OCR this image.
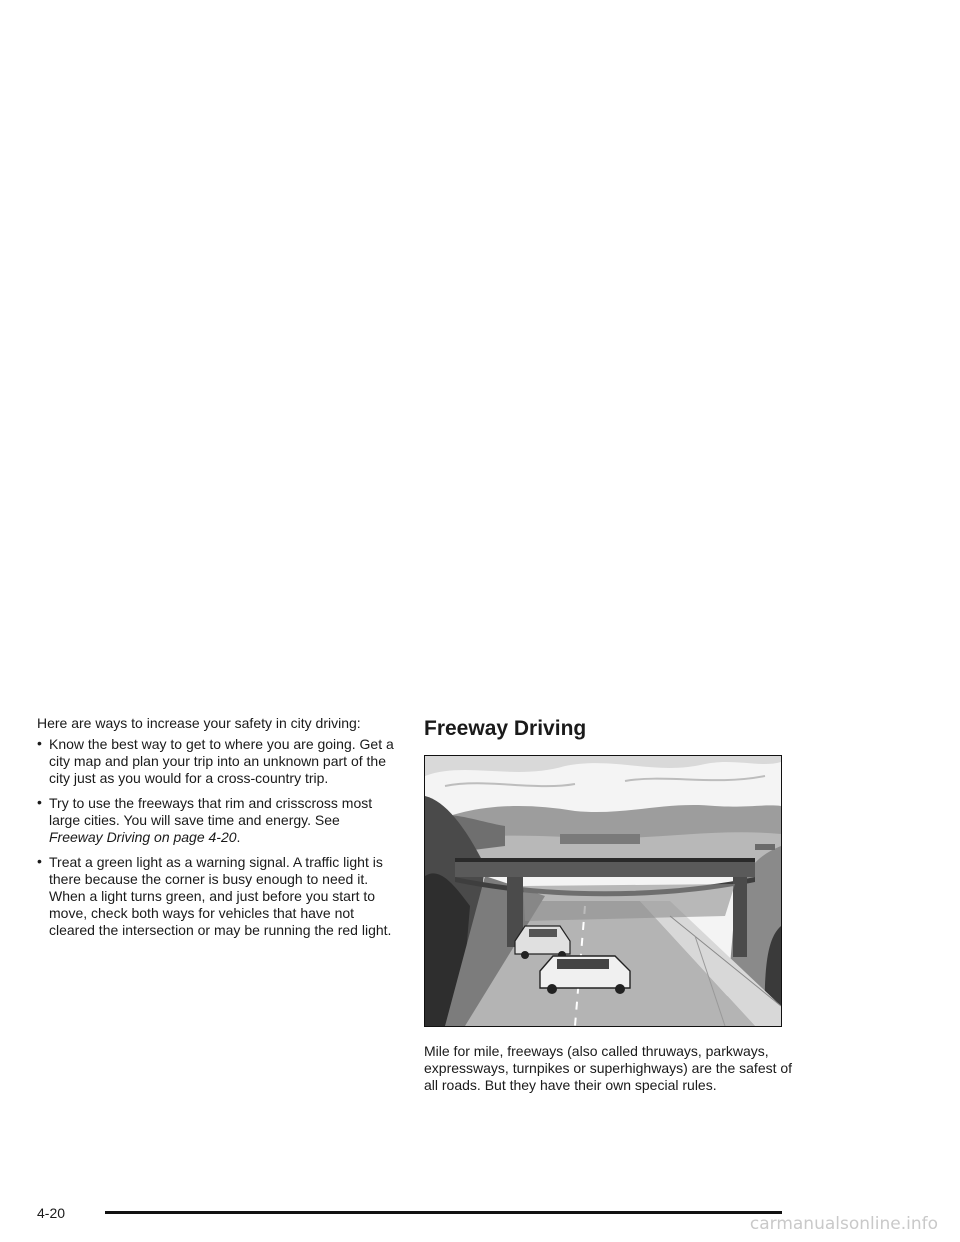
Here are ways to increase your safety in city driving:

• Know the best way to get to where you are going. Get a city map and plan your trip into an unknown part of the city just as you would for a cross-country trip.
• Try to use the freeways that rim and crisscross most large cities. You will save time and energy. See Freeway Driving on page 4-20.
• Treat a green light as a warning signal. A traffic light is there because the corner is busy enough to need it. When a light turns green, and just before you start to move, check both ways for vehicles that have not cleared the intersection or may be running the red light.
Freeway Driving

Mile for mile, freeways (also called thruways, parkways, expressways, turnpikes or superhighways) are the safest of all roads. But they have their own special rules.

4-20
carmanualsonline.info
